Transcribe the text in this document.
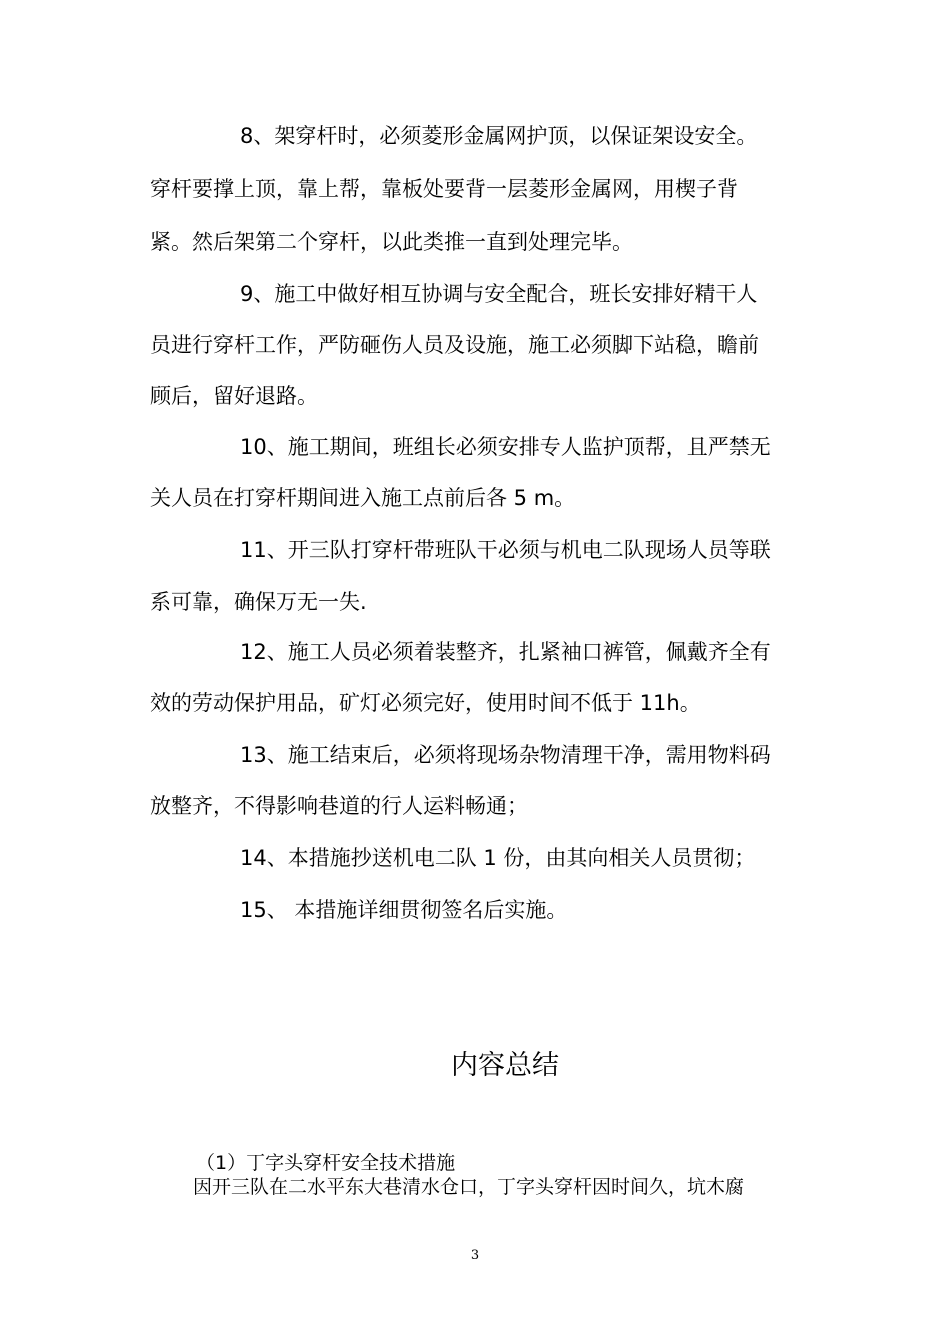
8、架穿杆时，必须菱形金属网护顶，以保证架设安全。
穿杆要撑上顶，靠上帮，靠板处要背一层菱形金属网，用楔子背
紧。然后架第二个穿杆，以此类推一直到处理完毕。
9、施工中做好相互协调与安全配合，班长安排好精干人
员进行穿杆工作，严防砸伤人员及设施，施工必须脚下站稳，瞻前
顾后，留好退路。
10、施工期间，班组长必须安排专人监护顶帮，且严禁无
关人员在打穿杆期间进入施工点前后各 5 m。
11、开三队打穿杆带班队干必须与机电二队现场人员等联
系可靠，确保万无一失.
12、施工人员必须着装整齐，扎紧袖口裤管，佩戴齐全有
效的劳动保护用品，矿灯必须完好，使用时间不低于 11h。
13、施工结束后，必须将现场杂物清理干净，需用物料码
放整齐，不得影响巷道的行人运料畅通；
14、本措施抄送机电二队 1 份，由其向相关人员贯彻；
15、 本措施详细贯彻签名后实施。
内容总结
（1）丁字头穿杆安全技术措施
因开三队在二水平东大巷清水仓口，丁字头穿杆因时间久，坑木腐
3
